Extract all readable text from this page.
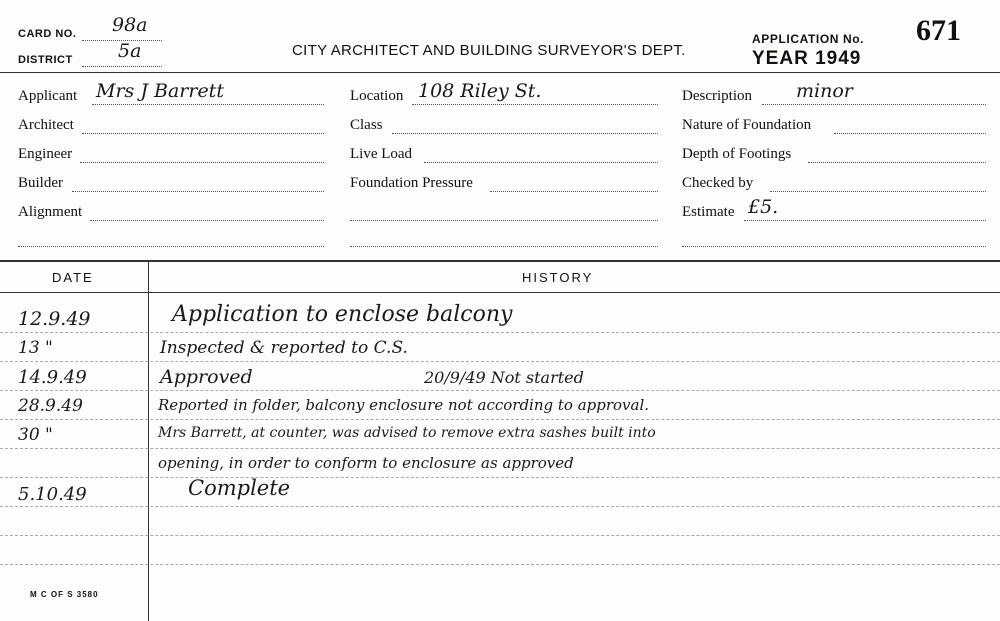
CARD NO. 98a
DISTRICT 5a	CITY ARCHITECT AND BUILDING SURVEYOR'S DEPT.
APPLICATION No. 671
YEAR 1949
Applicant Mrs J Barrett
Architect
Engineer
Builder
Alignment
Location 108 Riley St.
Class
Live Load
Foundation Pressure
Description minor
Nature of Foundation
Depth of Footings
Checked by
Estimate £5.
DATE	HISTORY
12.9.49	Application to enclose balcony
13 "	Inspected & reported to C.S.
14.9.49	Approved	20/9/49 Not started
28.9.49	Reported in folder, balcony enclosure not according to approval.
30 "	Mrs Barrett, at counter, was advised to remove extra sashes built into
opening, in order to conform to enclosure as approved
5.10.49	Complete
M C OF S 3580
